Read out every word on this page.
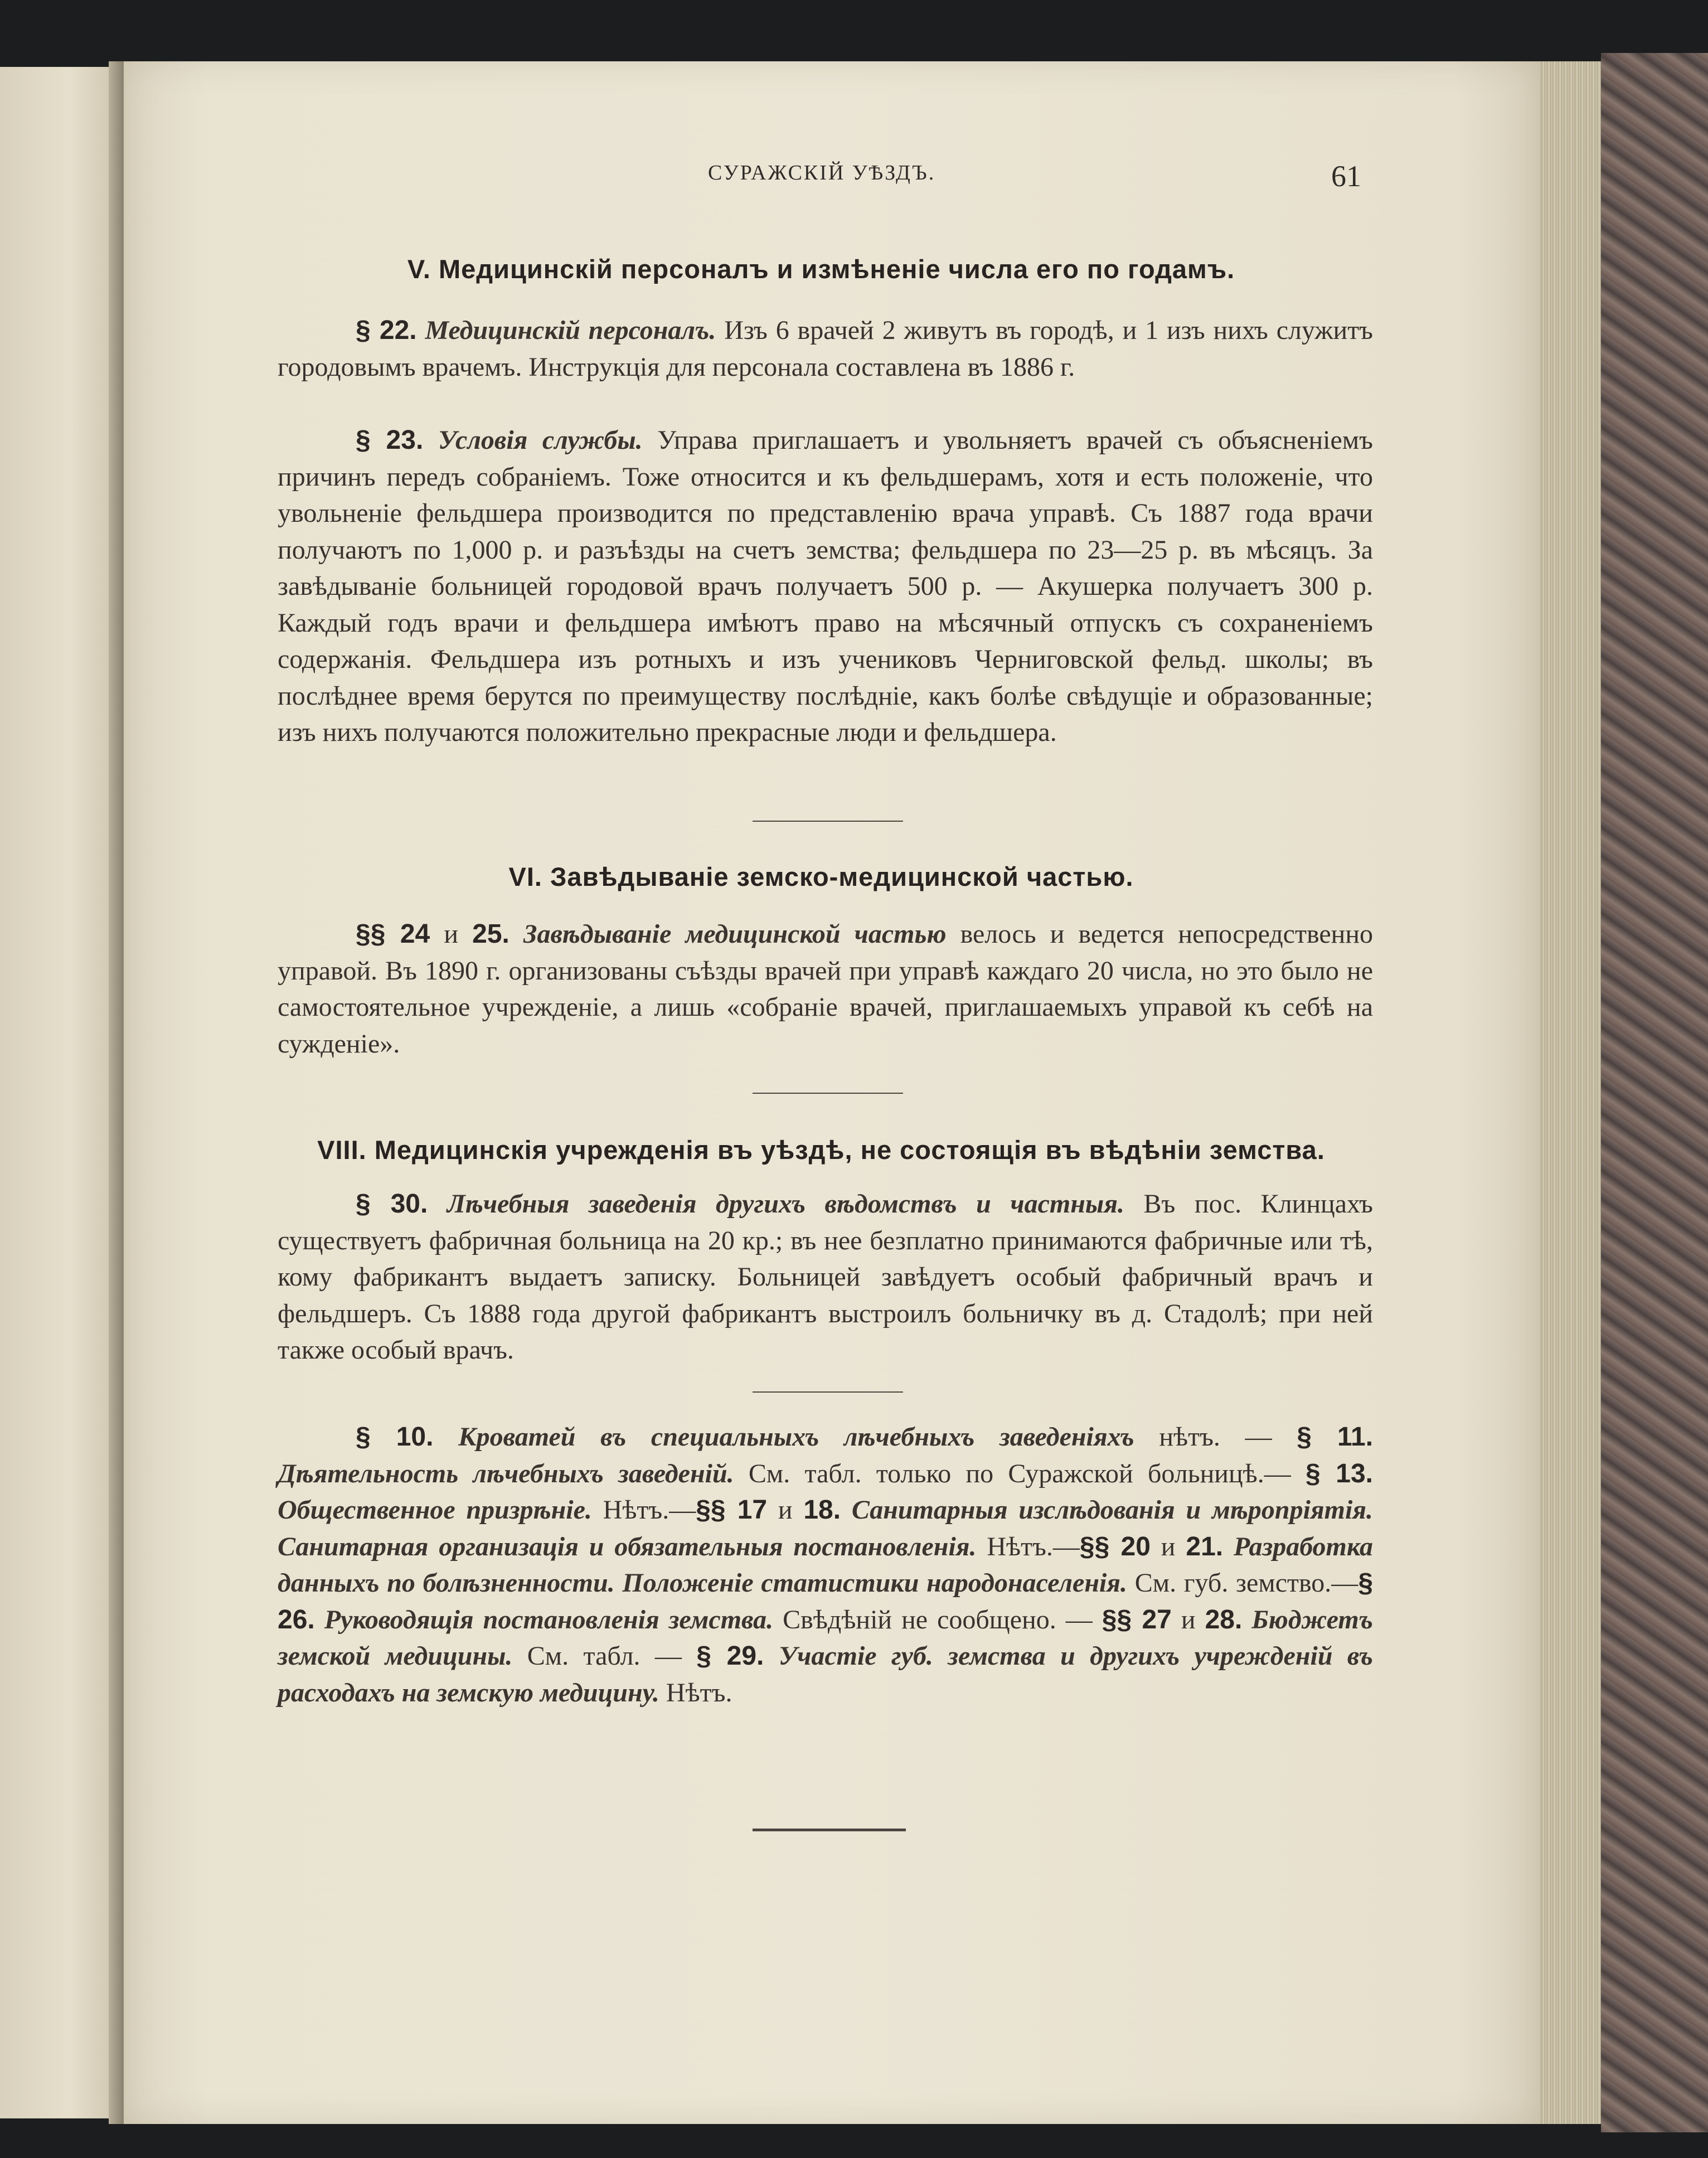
СУРАЖСКІЙ УѢЗДЪ.	61
V. Медицинскій персоналъ и измѣненіе числа его по годамъ.

§ 22. Медицинскій персоналъ. Изъ 6 врачей 2 живутъ въ городѣ, и 1 изъ нихъ служитъ городовымъ врачемъ. Инструкція для персонала составлена въ 1886 г.

§ 23. Условія службы. Управа приглашаетъ и увольняетъ врачей съ объясненіемъ причинъ передъ собраніемъ. Тоже относится и къ фельдшерамъ, хотя и есть положеніе, что увольненіе фельдшера производится по представленію врача управѣ. Съ 1887 года врачи получаютъ по 1,000 р. и разъѣзды на счетъ земства; фельдшера по 23—25 р. въ мѣсяцъ. За завѣдываніе больницей городовой врачъ получаетъ 500 р. — Акушерка получаетъ 300 р. Каждый годъ врачи и фельдшера имѣютъ право на мѣсячный отпускъ съ сохраненіемъ содержанія. Фельдшера изъ ротныхъ и изъ учениковъ Черниговской фельд. школы; въ послѣднее время берутся по преимуществу послѣдніе, какъ болѣе свѣдущіе и образованные; изъ нихъ получаются положительно прекрасные люди и фельдшера.

VI. Завѣдываніе земско-медицинской частью.

§§ 24 и 25. Завѣдываніе медицинской частью велось и ведется непосредственно управой. Въ 1890 г. организованы съѣзды врачей при управѣ каждаго 20 числа, но это было не самостоятельное учрежденіе, а лишь «собраніе врачей, приглашаемыхъ управой къ себѣ на сужденіе».

VIII. Медицинскія учрежденія въ уѣздѣ, не состоящія въ вѣдѣніи земства.

§ 30. Лѣчебныя заведенія другихъ вѣдомствъ и частныя. Въ пос. Клинцахъ существуетъ фабричная больница на 20 кр.; въ нее безплатно принимаются фабричные или тѣ, кому фабрикантъ выдаетъ записку. Больницей завѣдуетъ особый фабричный врачъ и фельдшеръ. Съ 1888 года другой фабрикантъ выстроилъ больничку въ д. Стадолѣ; при ней также особый врачъ.

§ 10. Кроватей въ специальныхъ лѣчебныхъ заведеніяхъ нѣтъ. — § 11. Дѣятельность лѣчебныхъ заведеній. См. табл. только по Суражской больницѣ.— § 13. Общественное призрѣніе. Нѣтъ.—§§ 17 и 18. Санитарныя изслѣдованія и мѣропріятія. Санитарная организація и обязательныя постановленія. Нѣтъ.—§§ 20 и 21. Разработка данныхъ по болѣзненности. Положеніе статистики народонаселенія. См. губ. земство.—§ 26. Руководящія постановленія земства. Свѣдѣній не сообщено. — §§ 27 и 28. Бюджетъ земской медицины. См. табл. — § 29. Участіе губ. земства и другихъ учрежденій въ расходахъ на земскую медицину. Нѣтъ.
